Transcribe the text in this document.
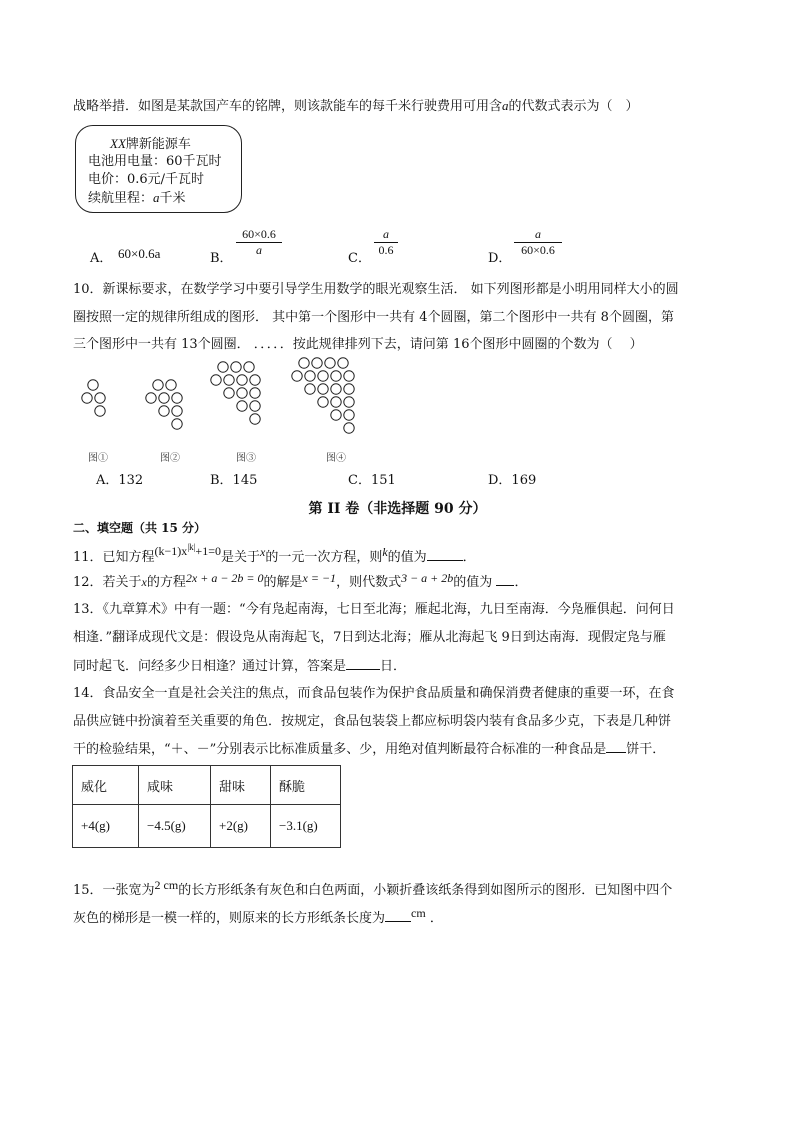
战略举措．如图是某款国产车的铭牌，则该款能车的每千米行驶费用可用含a的代数式表示为（　）
XX牌新能源车
电池用电量：60千瓦时
电价：0.6元/千瓦时
续航里程：a千米
A． 60×0.6a	B．
$\frac{60\times 0.6}{a}$
C．
$\frac{a}{0.6}$
D．
$\frac{a}{60\times 0.6}$
10．新课标要求，在数学学习中要引导学生用数学的眼光观察生活． 如下列图形都是小明用同样大小的圆
圈按照一定的规律所组成的图形． 其中第一个图形中一共有 4个圆圈，第二个图形中一共有 8个圆圈，第
三个图形中一共有 13个圆圈． ．．．．．按此规律排列下去，请问第 16个图形中圆圈的个数为（　 ）
图①	图②	图③	图④
A．132	B．145	C．151	D．169
第 II 卷（非选择题 90 分）
二、填空题（共 15 分）
11．已知方程$(k-1)x^{|k|}+1=0$是关于x的一元一次方程，则k的值为	．
12．若关于x的方程2x + a − 2b = 0的解是x = −1，则代数式3 − a + 2b的值为 ．
13．《九章算术》中有一题：“今有凫起南海，七日至北海；雁起北海，九日至南海．今凫雁俱起．问何日
相逢．”翻译成现代文是：假设凫从南海起飞，7日到达北海；雁从北海起飞 9日到达南海．现假定凫与雁
同时起飞．问经多少日相逢？通过计算，答案是	日．
14．食品安全一直是社会关注的焦点，而食品包装作为保护食品质量和确保消费者健康的重要一环，在食
品供应链中扮演着至关重要的角色．按规定，食品包装袋上都应标明袋内装有食品多少克，下表是几种饼
干的检验结果，“＋、－”分别表示比标准质量多、少，用绝对值判断最符合标准的一种食品是 饼干．
威化	咸味	甜味	酥脆
+4(g)	−4.5(g)	+2(g)	−3.1(g)
15．一张宽为2 cm的长方形纸条有灰色和白色两面，小颖折叠该纸条得到如图所示的图形．已知图中四个
灰色的梯形是一模一样的，则原来的长方形纸条长度为 cm ．
